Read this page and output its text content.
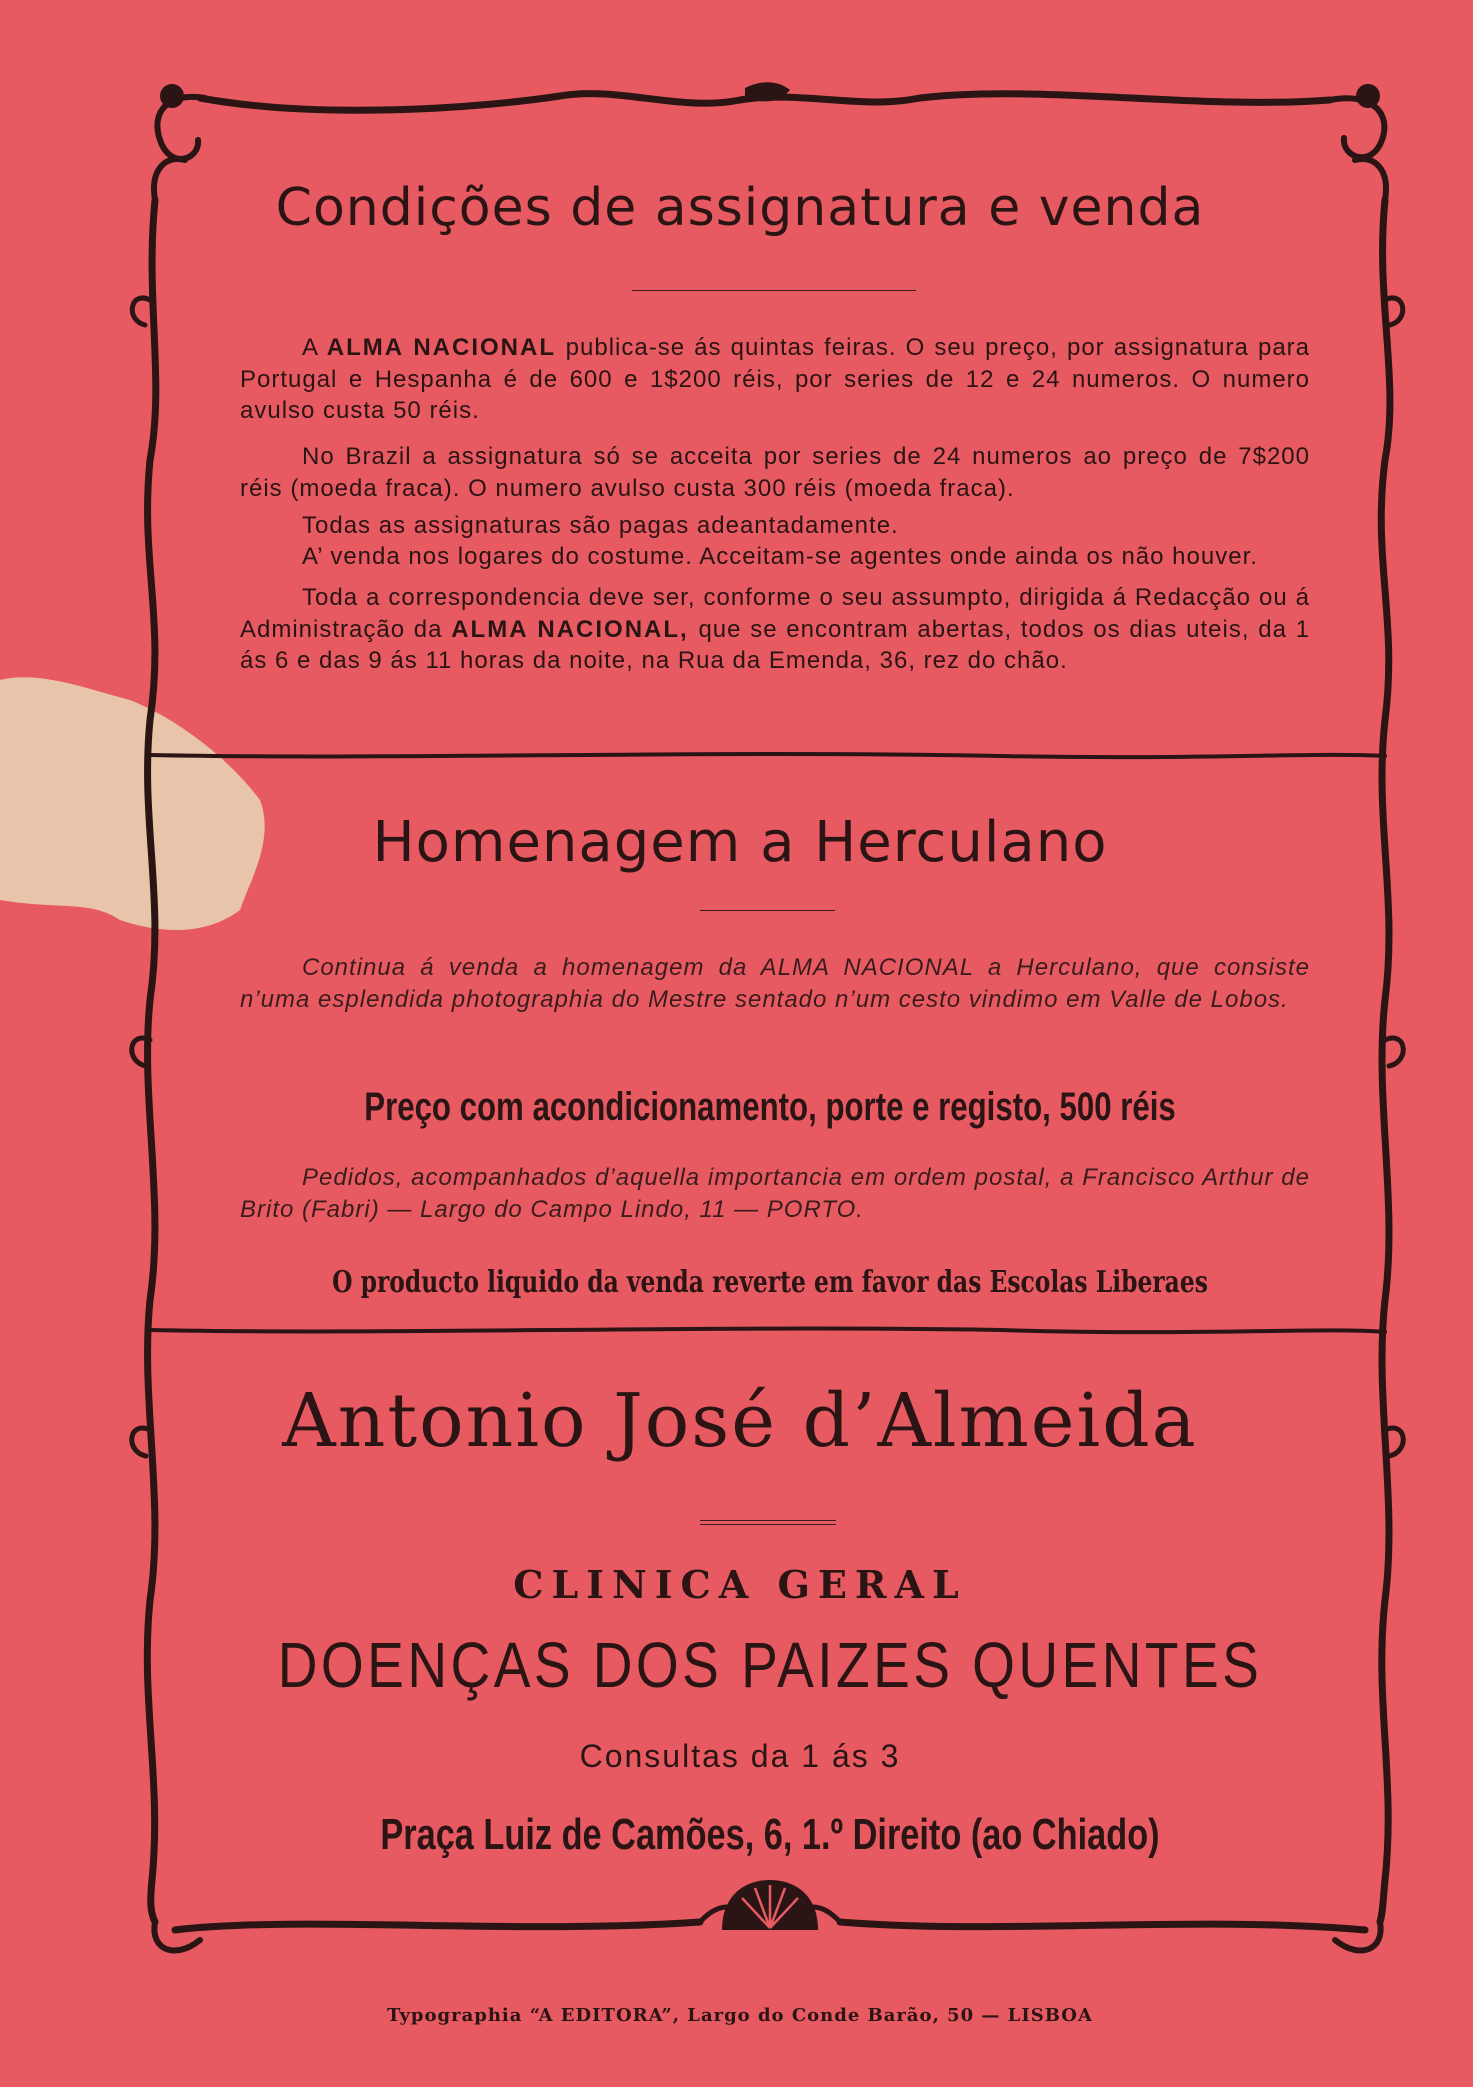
Condições de assignatura e venda
A ALMA NACIONAL publica-se ás quintas feiras. O seu preço, por assignatura para Portugal e Hespanha é de 600 e 1$200 réis, por series de 12 e 24 numeros. O numero avulso custa 50 réis.
No Brazil a assignatura só se acceita por series de 24 numeros ao preço de 7$200 réis (moeda fraca). O numero avulso custa 300 réis (moeda fraca).
Todas as assignaturas são pagas adeantadamente.
A’ venda nos logares do costume. Acceitam-se agentes onde ainda os não houver.
Toda a correspondencia deve ser, conforme o seu assumpto, dirigida á Redacção ou á Administração da ALMA NACIONAL, que se encontram abertas, todos os dias uteis, da 1 ás 6 e das 9 ás 11 horas da noite, na Rua da Emenda, 36, rez do chão.
Homenagem a Herculano
Continua á venda a homenagem da ALMA NACIONAL a Herculano, que consiste n’uma esplendida photographia do Mestre sentado n’um cesto vindimo em Valle de Lobos.
Preço com acondicionamento, porte e registo, 500 réis
Pedidos, acompanhados d’aquella importancia em ordem postal, a Francisco Arthur de Brito (Fabri) — Largo do Campo Lindo, 11 — PORTO.
O producto liquido da venda reverte em favor das Escolas Liberaes
Antonio José d’Almeida
CLINICA GERAL
DOENÇAS DOS PAIZES QUENTES
Consultas da 1 ás 3
Praça Luiz de Camões, 6, 1.º Direito (ao Chiado)
Typographia “A EDITORA”, Largo do Conde Barão, 50 — LISBOA
